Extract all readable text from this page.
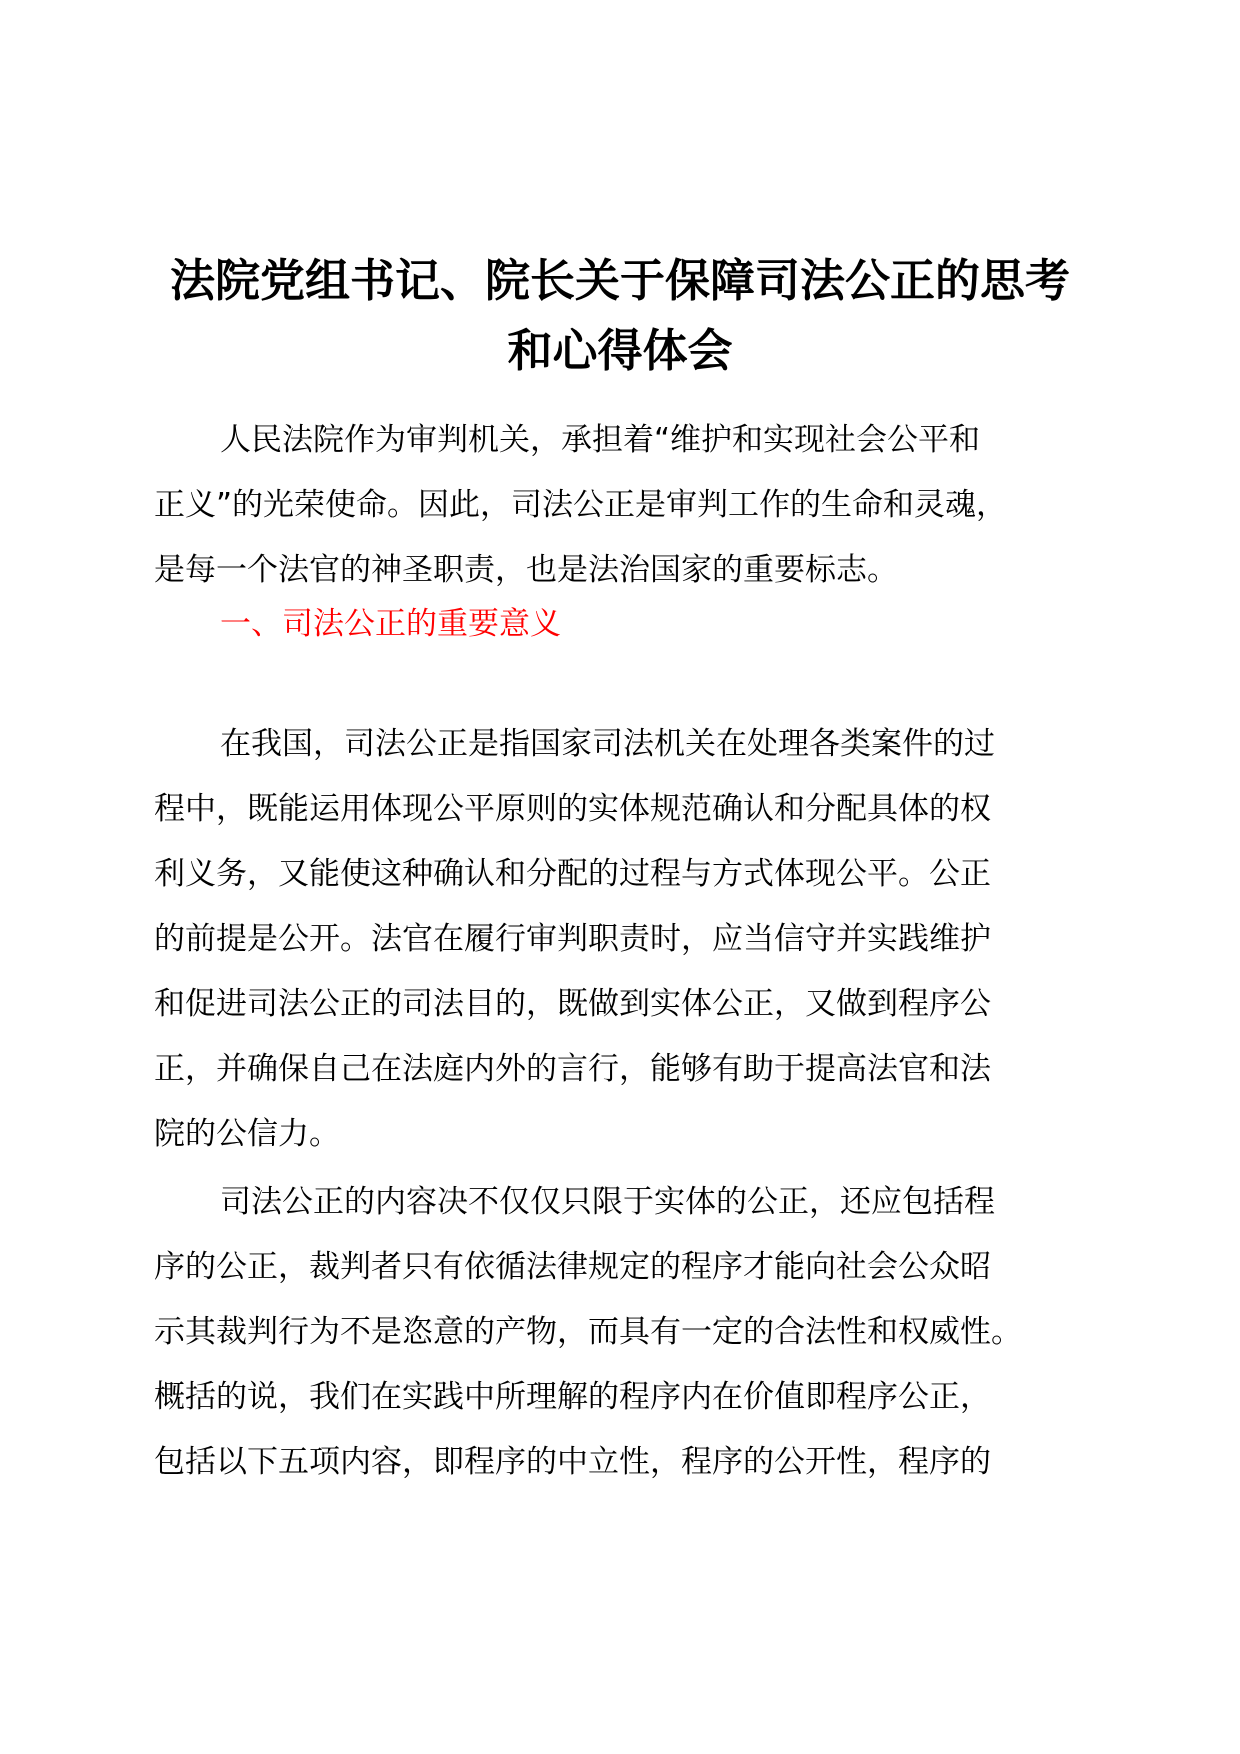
法院党组书记、院长关于保障司法公正的思考
和心得体会

人民法院作为审判机关，承担着“维护和实现社会公平和
正义”的光荣使命。因此，司法公正是审判工作的生命和灵魂，
是每一个法官的神圣职责，也是法治国家的重要标志。

一、司法公正的重要意义

在我国，司法公正是指国家司法机关在处理各类案件的过
程中，既能运用体现公平原则的实体规范确认和分配具体的权
利义务，又能使这种确认和分配的过程与方式体现公平。公正
的前提是公开。法官在履行审判职责时，应当信守并实践维护
和促进司法公正的司法目的，既做到实体公正，又做到程序公
正，并确保自己在法庭内外的言行，能够有助于提高法官和法
院的公信力。

司法公正的内容决不仅仅只限于实体的公正，还应包括程
序的公正，裁判者只有依循法律规定的程序才能向社会公众昭
示其裁判行为不是恣意的产物，而具有一定的合法性和权威性。
概括的说，我们在实践中所理解的程序内在价值即程序公正，
包括以下五项内容，即程序的中立性，程序的公开性，程序的
